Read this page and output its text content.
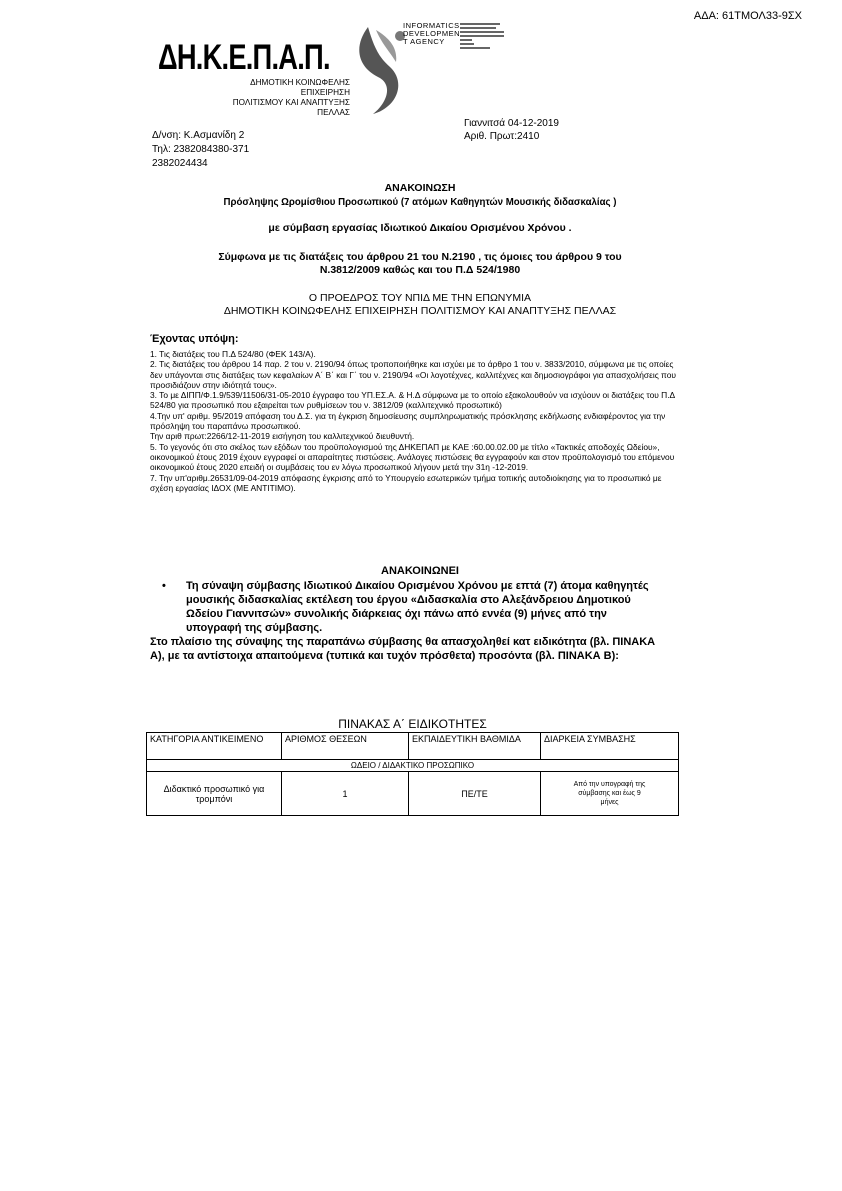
ΑΔΑ: 61ΤΜΟΛ33-9ΣΧ
ΔΗ.Κ.Ε.Π.Α.Π.
ΔΗΜΟΤΙΚΗ ΚΟΙΝΩΦΕΛΗΣ ΕΠΙΧΕΙΡΗΣΗ
ΠΟΛΙΤΙΣΜΟΥ ΚΑΙ ΑΝΑΠΤΥΞΗΣ
ΠΕΛΛΑΣ
INFORMATICS
DEVELOPMEN
T AGENCY
Γιαννιτσά 04-12-2019
Αριθ. Πρωτ:2410
Δ/νση: Κ.Ασμανίδη 2
Τηλ: 2382084380-371
2382024434
ΑΝΑΚΟΙΝΩΣΗ
Πρόσληψης Ωρομίσθιου Προσωπικού (7 ατόμων Καθηγητών Μουσικής διδασκαλίας )
με σύμβαση εργασίας Ιδιωτικού Δικαίου Ορισμένου Χρόνου .
Σύμφωνα με τις διατάξεις του άρθρου 21 του Ν.2190 , τις όμοιες του άρθρου 9 του
Ν.3812/2009 καθώς και του Π.Δ 524/1980
Ο ΠΡΟΕΔΡΟΣ ΤΟΥ ΝΠΙΔ ΜΕ ΤΗΝ ΕΠΩΝΥΜΙΑ
ΔΗΜΟΤΙΚΗ ΚΟΙΝΩΦΕΛΗΣ ΕΠΙΧΕΙΡΗΣΗ ΠΟΛΙΤΙΣΜΟΥ ΚΑΙ ΑΝΑΠΤΥΞΗΣ ΠΕΛΛΑΣ
Έχοντας υπόψη:

1. Τις διατάξεις του Π.Δ 524/80 (ΦΕΚ 143/Α).

2. Τις διατάξεις του άρθρου 14 παρ. 2 του ν. 2190/94 όπως τροποποιήθηκε και ισχύει με το άρθρο 1 του ν. 3833/2010, σύμφωνα με τις οποίες δεν υπάγονται στις διατάξεις των κεφαλαίων Α΄ Β΄ και Γ΄ του ν. 2190/94 «Οι λογοτέχνες, καλλιτέχνες και δημοσιογράφοι για απασχολήσεις που προσιδιάζουν στην ιδιότητά τους».

3. Το με ΔΙΠΠ/Φ.1.9/539/11506/31-05-2010 έγγραφο του ΥΠ.ΕΣ.Α. & Η.Δ σύμφωνα με το οποίο εξακολουθούν να ισχύουν οι διατάξεις του Π.Δ 524/80 για προσωπικό που εξαιρείται των ρυθμίσεων του ν. 3812/09 (καλλιτεχνικό προσωπικό)

4.Την υπ' αριθμ. 95/2019 απόφαση του Δ.Σ. για τη έγκριση δημοσίευσης συμπληρωματικής πρόσκλησης εκδήλωσης ενδιαφέροντος για την πρόσληψη του παραπάνω προσωπικού.

Την αριθ πρωτ:2266/12-11-2019 εισήγηση του καλλιτεχνικού διευθυντή.

5. Το γεγονός ότι στο σκέλος των εξόδων του προϋπολογισμού της ΔΗΚΕΠΑΠ με ΚΑΕ :60.00.02.00 με τίτλο «Τακτικές αποδοχές Ωδείου», οικονομικού έτους 2019 έχουν εγγραφεί οι απαραίτητες πιστώσεις. Ανάλογες πιστώσεις θα εγγραφούν και στον προϋπολογισμό του επόμενου οικονομικού έτους 2020 επειδή οι συμβάσεις του εν λόγω προσωπικού λήγουν μετά την 31η -12-2019.

7. Την υπ'αριθμ.26531/09-04-2019 απόφασης έγκρισης από το Υπουργείο εσωτερικών τμήμα τοπικής αυτοδιοίκησης για το προσωπικό με σχέση εργασίας ΙΔΟΧ (ΜΕ ΑΝΤΙΤΙΜΟ).

ΑΝΑΚΟΙΝΩΝΕΙ
•	Τη σύναψη σύμβασης Ιδιωτικού Δικαίου Ορισμένου Χρόνου με επτά (7) άτομα καθηγητές μουσικής διδασκαλίας εκτέλεση του έργου «Διδασκαλία στο Αλεξάνδρειου Δημοτικού Ωδείου Γιαννιτσών» συνολικής διάρκειας όχι πάνω από εννέα (9) μήνες από την υπογραφή της σύμβασης.
Στο πλαίσιο της σύναψης της παραπάνω σύμβασης θα απασχοληθεί κατ ειδικότητα (βλ. ΠΙΝΑΚΑ Α), με τα αντίστοιχα απαιτούμενα (τυπικά και τυχόν πρόσθετα) προσόντα (βλ. ΠΙΝΑΚΑ Β):
ΠΙΝΑΚΑΣ Α΄ ΕΙΔΙΚΟΤΗΤΕΣ
ΚΑΤΗΓΟΡΙΑ ΑΝΤΙΚΕΙΜΕΝΟ	ΑΡΙΘΜΟΣ ΘΕΣΕΩΝ	ΕΚΠΑΙΔΕΥΤΙΚΗ ΒΑΘΜΙΔΑ	ΔΙΑΡΚΕΙΑ ΣΥΜΒΑΣΗΣ
ΩΔΕΙΟ / ΔΙΔΑΚΤΙΚΟ ΠΡΟΣΩΠΙΚΟ			
Διδακτικό προσωπικό για τρομπόνι	1	ΠΕ/ΤΕ	Από την υπογραφή της σύμβασης και έως 9 μήνες
